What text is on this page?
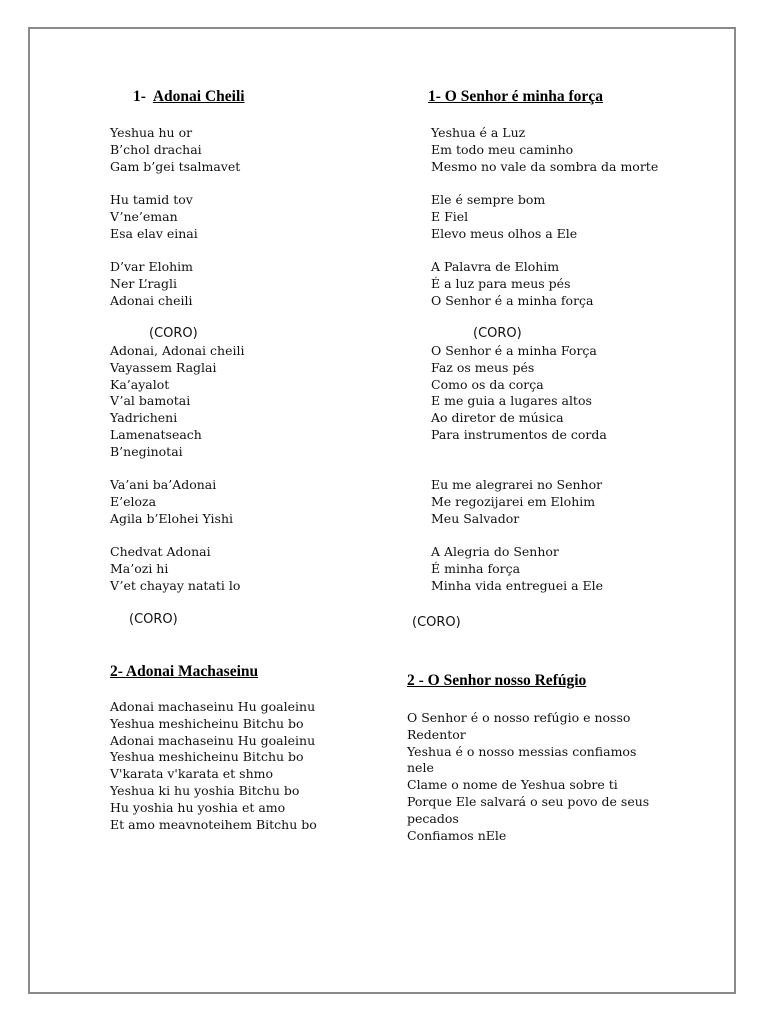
1- Adonai Cheili
Yeshua hu or
B’chol drachai
Gam b’gei tsalmavet
Hu tamid tov
V’ne’eman
Esa elav einai
D’var Elohim
Ner L’ragli
Adonai cheili
(CORO)
Adonai, Adonai cheili
Vayassem Raglai
Ka’ayalot
V’al bamotai
Yadricheni
Lamenatseach
B’neginotai
Va’ani ba’Adonai
E’eloza
Agila b’Elohei Yishi
Chedvat Adonai
Ma’ozi hi
V’et chayay natati lo
(CORO)
2- Adonai Machaseinu
Adonai machaseinu Hu goaleinu
Yeshua meshicheinu Bitchu bo
Adonai machaseinu Hu goaleinu
Yeshua meshicheinu Bitchu bo
V'karata v'karata et shmo
Yeshua ki hu yoshia Bitchu bo
Hu yoshia hu yoshia et amo
Et amo meavnoteihem Bitchu bo
1- O Senhor é minha força
Yeshua é a Luz
Em todo meu caminho
Mesmo no vale da sombra da morte
Ele é sempre bom
E Fiel
Elevo meus olhos a Ele
A Palavra de Elohim
É a luz para meus pés
O Senhor é a minha força
(CORO)
O Senhor é a minha Força
Faz os meus pés
Como os da corça
E me guia a lugares altos
Ao diretor de música
Para instrumentos de corda
Eu me alegrarei no Senhor
Me regozijarei em Elohim
Meu Salvador
A Alegria do Senhor
É minha força
Minha vida entreguei a Ele
(CORO)
2 - O Senhor nosso Refúgio
O Senhor é o nosso refúgio e nosso Redentor
Yeshua é o nosso messias confiamos nele
Clame o nome de Yeshua sobre ti
Porque Ele salvará o seu povo de seus pecados
Confiamos nEle
